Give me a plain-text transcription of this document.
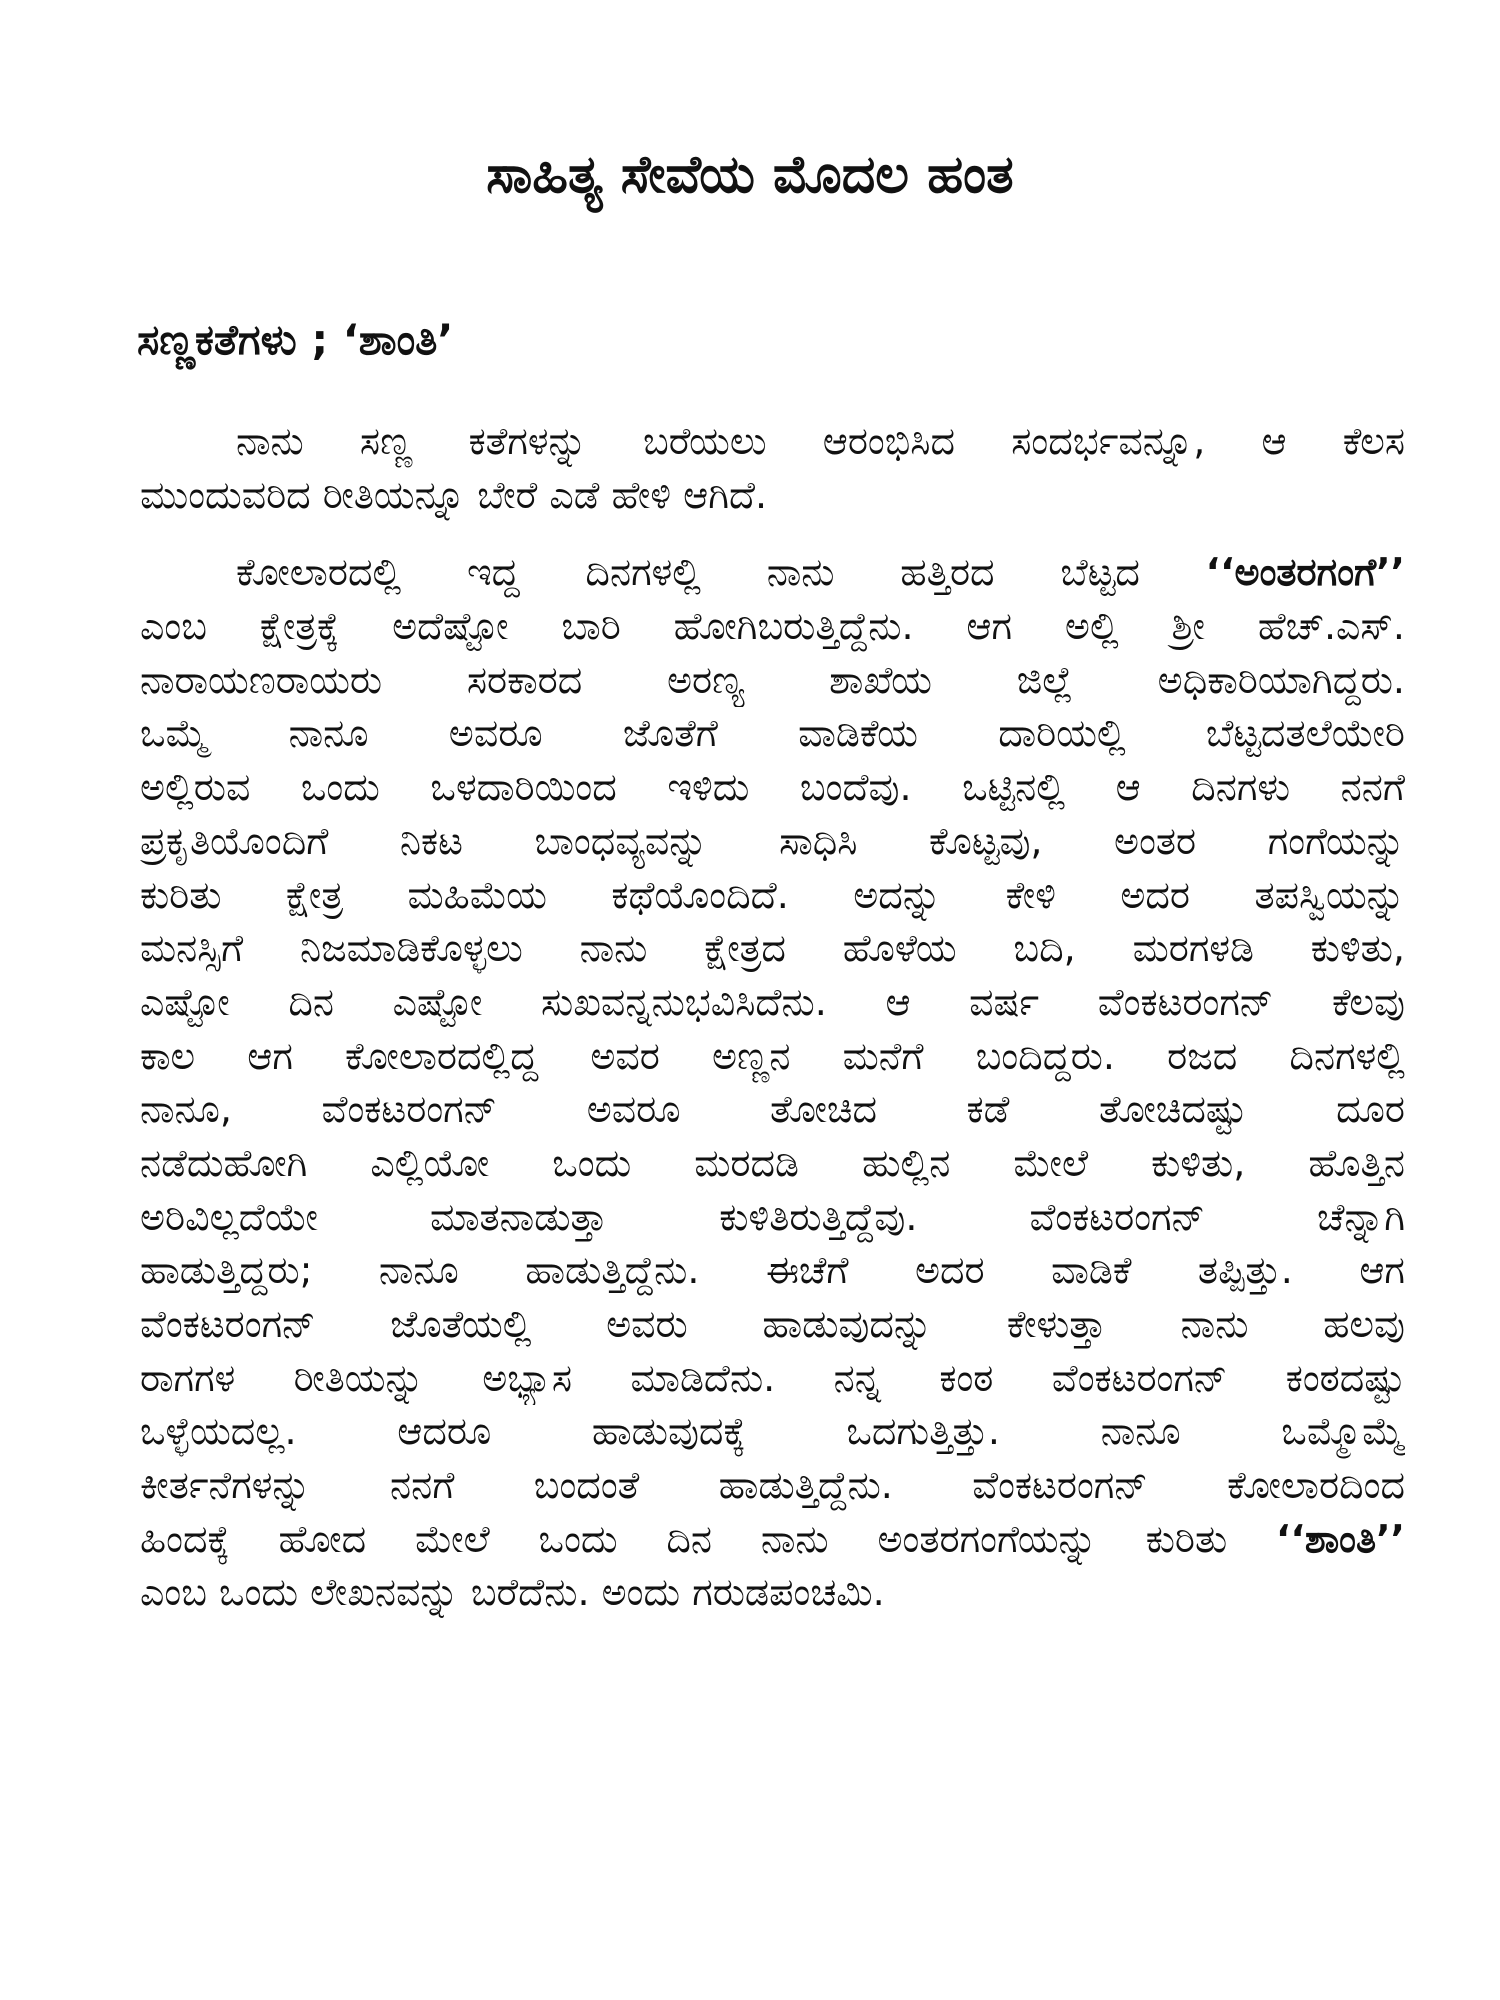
ಸಾಹಿತ್ಯ ಸೇವೆಯ ಮೊದಲ ಹಂತ
ಸಣ್ಣಕತೆಗಳು ; ‘ಶಾಂತಿ’
ನಾನು ಸಣ್ಣ ಕತೆಗಳನ್ನು ಬರೆಯಲು ಆರಂಭಿಸಿದ ಸಂದರ್ಭವನ್ನೂ, ಆ ಕೆಲಸ
ಮುಂದುವರಿದ ರೀತಿಯನ್ನೂ ಬೇರೆ ಎಡೆ ಹೇಳಿ ಆಗಿದೆ.
ಕೋಲಾರದಲ್ಲಿ ಇದ್ದ ದಿನಗಳಲ್ಲಿ ನಾನು ಹತ್ತಿರದ ಬೆಟ್ಟದ ‘‘ಅಂತರಗಂಗೆ’’
ಎಂಬ ಕ್ಷೇತ್ರಕ್ಕೆ ಅದೆಷ್ಟೋ ಬಾರಿ ಹೋಗಿಬರುತ್ತಿದ್ದೆನು. ಆಗ ಅಲ್ಲಿ ಶ್ರೀ ಹೆಚ್.ಎಸ್.
ನಾರಾಯಣರಾಯರು ಸರಕಾರದ ಅರಣ್ಯ ಶಾಖೆಯ ಜಿಲ್ಲೆ ಅಧಿಕಾರಿಯಾಗಿದ್ದರು.
ಒಮ್ಮೆ ನಾನೂ ಅವರೂ ಜೊತೆಗೆ ವಾಡಿಕೆಯ ದಾರಿಯಲ್ಲಿ ಬೆಟ್ಟದತಲೆಯೇರಿ
ಅಲ್ಲಿರುವ ಒಂದು ಒಳದಾರಿಯಿಂದ ಇಳಿದು ಬಂದೆವು. ಒಟ್ಟಿನಲ್ಲಿ ಆ ದಿನಗಳು ನನಗೆ
ಪ್ರಕೃತಿಯೊಂದಿಗೆ ನಿಕಟ ಬಾಂಧವ್ಯವನ್ನು ಸಾಧಿಸಿ ಕೊಟ್ಟವು, ಅಂತರ ಗಂಗೆಯನ್ನು
ಕುರಿತು ಕ್ಷೇತ್ರ ಮಹಿಮೆಯ ಕಥೆಯೊಂದಿದೆ. ಅದನ್ನು ಕೇಳಿ ಅದರ ತಪಸ್ವಿಯನ್ನು
ಮನಸ್ಸಿಗೆ ನಿಜಮಾಡಿಕೊಳ್ಳಲು ನಾನು ಕ್ಷೇತ್ರದ ಹೊಳೆಯ ಬದಿ, ಮರಗಳಡಿ ಕುಳಿತು,
ಎಷ್ಟೋ ದಿನ ಎಷ್ಟೋ ಸುಖವನ್ನನುಭವಿಸಿದೆನು. ಆ ವರ್ಷ ವೆಂಕಟರಂಗನ್ ಕೆಲವು
ಕಾಲ ಆಗ ಕೋಲಾರದಲ್ಲಿದ್ದ ಅವರ ಅಣ್ಣನ ಮನೆಗೆ ಬಂದಿದ್ದರು. ರಜದ ದಿನಗಳಲ್ಲಿ
ನಾನೂ, ವೆಂಕಟರಂಗನ್ ಅವರೂ ತೋಚಿದ ಕಡೆ ತೋಚಿದಷ್ಟು ದೂರ
ನಡೆದುಹೋಗಿ ಎಲ್ಲಿಯೋ ಒಂದು ಮರದಡಿ ಹುಲ್ಲಿನ ಮೇಲೆ ಕುಳಿತು, ಹೊತ್ತಿನ
ಅರಿವಿಲ್ಲದೆಯೇ ಮಾತನಾಡುತ್ತಾ ಕುಳಿತಿರುತ್ತಿದ್ದೆವು. ವೆಂಕಟರಂಗನ್ ಚೆನ್ನಾಗಿ
ಹಾಡುತ್ತಿದ್ದರು; ನಾನೂ ಹಾಡುತ್ತಿದ್ದೆನು. ಈಚೆಗೆ ಅದರ ವಾಡಿಕೆ ತಪ್ಪಿತ್ತು. ಆಗ
ವೆಂಕಟರಂಗನ್ ಜೊತೆಯಲ್ಲಿ ಅವರು ಹಾಡುವುದನ್ನು ಕೇಳುತ್ತಾ ನಾನು ಹಲವು
ರಾಗಗಳ ರೀತಿಯನ್ನು ಅಭ್ಯಾಸ ಮಾಡಿದೆನು. ನನ್ನ ಕಂಠ ವೆಂಕಟರಂಗನ್ ಕಂಠದಷ್ಟು
ಒಳ್ಳೆಯದಲ್ಲ. ಆದರೂ ಹಾಡುವುದಕ್ಕೆ ಒದಗುತ್ತಿತ್ತು. ನಾನೂ ಒಮ್ಮೊಮ್ಮೆ
ಕೀರ್ತನೆಗಳನ್ನು ನನಗೆ ಬಂದಂತೆ ಹಾಡುತ್ತಿದ್ದೆನು. ವೆಂಕಟರಂಗನ್ ಕೋಲಾರದಿಂದ
ಹಿಂದಕ್ಕೆ ಹೋದ ಮೇಲೆ ಒಂದು ದಿನ ನಾನು ಅಂತರಗಂಗೆಯನ್ನು ಕುರಿತು ‘‘ಶಾಂತಿ’’
ಎಂಬ ಒಂದು ಲೇಖನವನ್ನು ಬರೆದೆನು. ಅಂದು ಗರುಡಪಂಚಮಿ.
